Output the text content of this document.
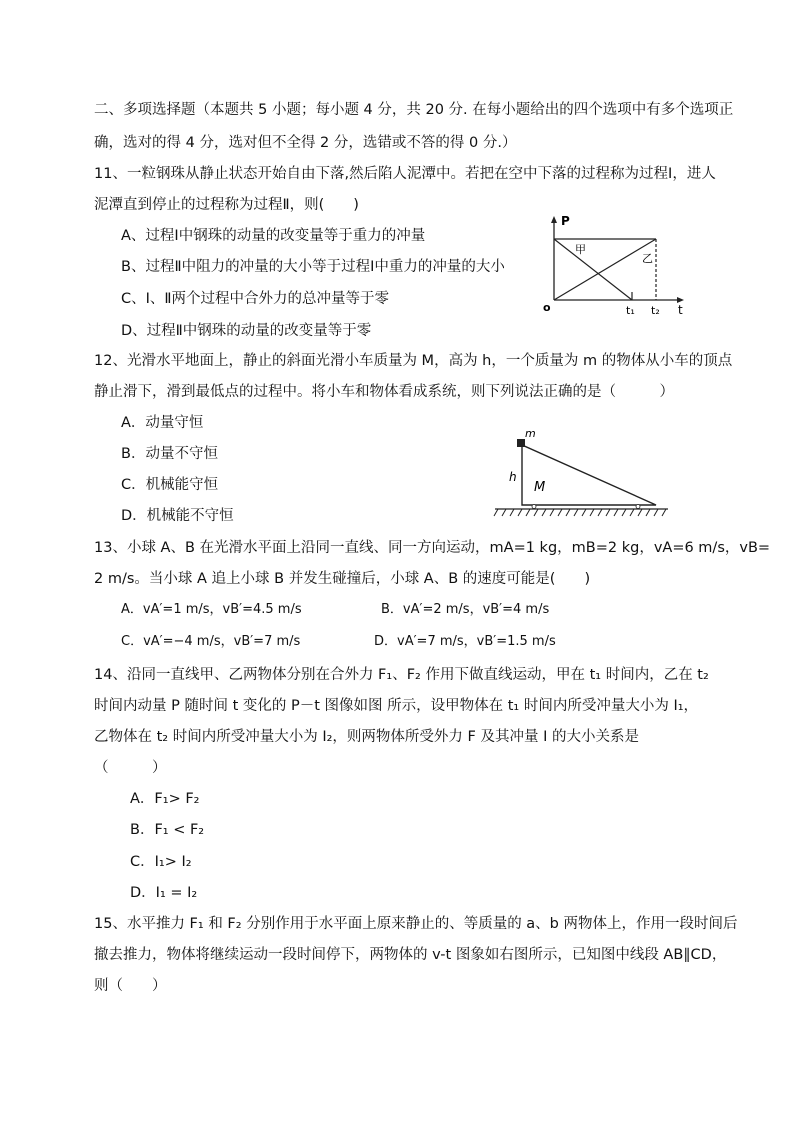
二、多项选择题（本题共 5 小题；每小题 4 分，共 20 分. 在每小题给出的四个选项中有多个选项正
确，选对的得 4 分，选对但不全得 2 分，选错或不答的得 0 分.）
11、一粒钢珠从静止状态开始自由下落,然后陷人泥潭中。若把在空中下落的过程称为过程Ⅰ，进人
泥潭直到停止的过程称为过程Ⅱ，则(　　)
A、过程Ⅰ中钢珠的动量的改变量等于重力的冲量
B、过程Ⅱ中阻力的冲量的大小等于过程Ⅰ中重力的冲量的大小
C、Ⅰ、Ⅱ两个过程中合外力的总冲量等于零
D、过程Ⅱ中钢珠的动量的改变量等于零
P
o	t
t₁ t₂
甲
乙
12、光滑水平地面上，静止的斜面光滑小车质量为 M，高为 h，一个质量为 m 的物体从小车的顶点
静止滑下，滑到最低点的过程中。将小车和物体看成系统，则下列说法正确的是（　　　）
A．动量守恒
B．动量不守恒
C．机械能守恒
D．机械能不守恒
m
h
M
13、小球 A、B 在光滑水平面上沿同一直线、同一方向运动，mA=1 kg，mB=2 kg，vA=6 m/s，vB=
2 m/s。当小球 A 追上小球 B 并发生碰撞后，小球 A、B 的速度可能是(　　)
A．vA′=1 m/s，vB′=4.5 m/s	B．vA′=2 m/s，vB′=4 m/s
C．vA′=−4 m/s，vB′=7 m/s	D．vA′=7 m/s，vB′=1.5 m/s
14、沿同一直线甲、乙两物体分别在合外力 F₁、F₂ 作用下做直线运动，甲在 t₁ 时间内，乙在 t₂
时间内动量 P 随时间 t 变化的 P－t 图像如图 所示，设甲物体在 t₁ 时间内所受冲量大小为 I₁，
乙物体在 t₂ 时间内所受冲量大小为 I₂，则两物体所受外力 F 及其冲量 I 的大小关系是
（　　　）
A．F₁> F₂
B．F₁ < F₂
C．I₁> I₂
D．I₁ = I₂
15、水平推力 F₁ 和 F₂ 分别作用于水平面上原来静止的、等质量的 a、b 两物体上，作用一段时间后
撤去推力，物体将继续运动一段时间停下，两物体的 v-t 图象如右图所示，已知图中线段 AB∥CD，
则（　　）
